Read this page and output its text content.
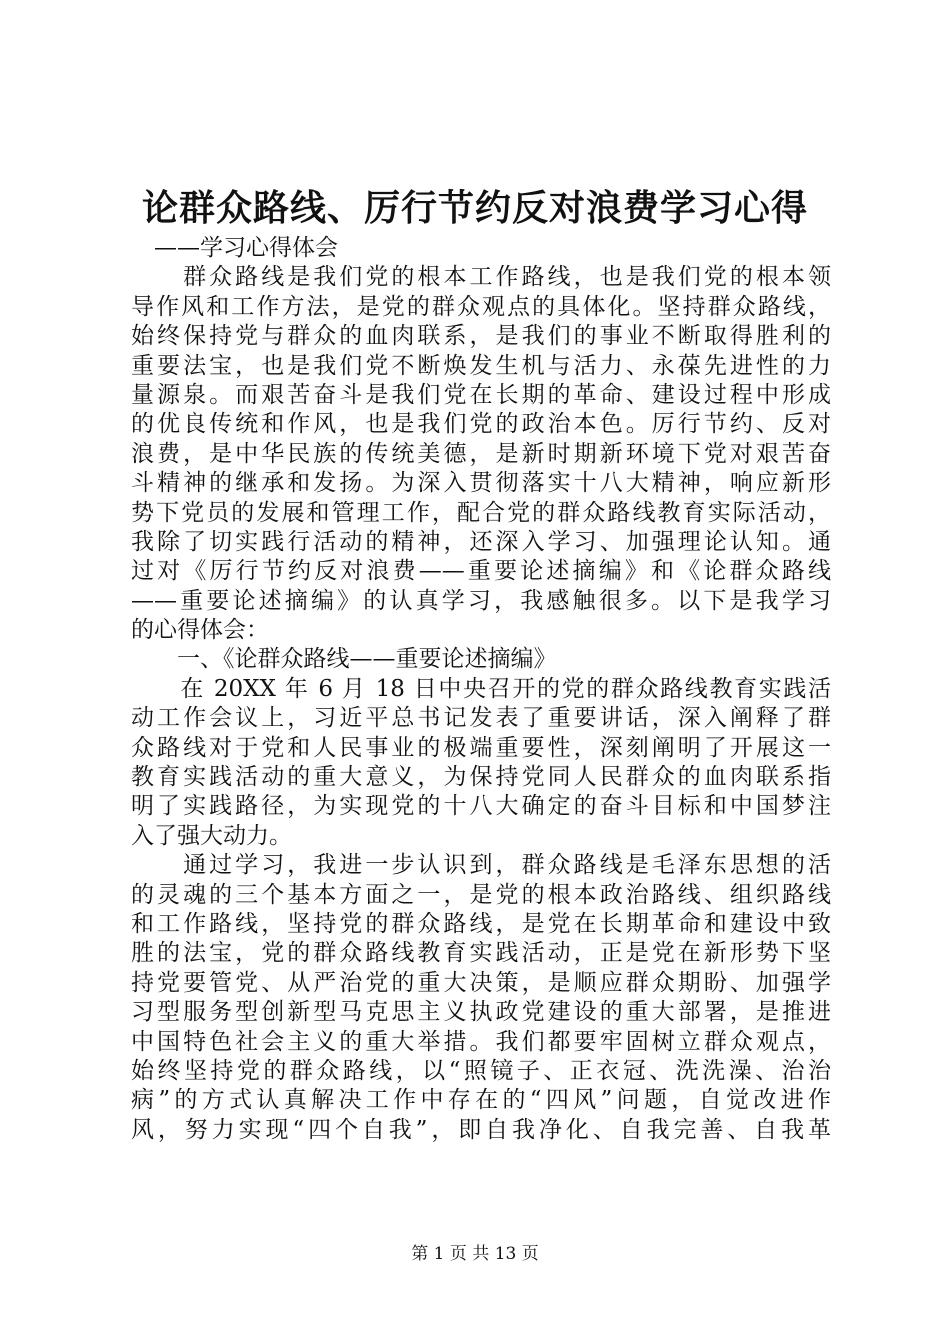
论群众路线、厉行节约反对浪费学习心得
　——学习心得体会
　　群众路线是我们党的根本工作路线，也是我们党的根本领
导作风和工作方法，是党的群众观点的具体化。坚持群众路线，
始终保持党与群众的血肉联系，是我们的事业不断取得胜利的
重要法宝，也是我们党不断焕发生机与活力、永葆先进性的力
量源泉。而艰苦奋斗是我们党在长期的革命、建设过程中形成
的优良传统和作风，也是我们党的政治本色。厉行节约、反对
浪费，是中华民族的传统美德，是新时期新环境下党对艰苦奋
斗精神的继承和发扬。为深入贯彻落实十八大精神，响应新形
势下党员的发展和管理工作，配合党的群众路线教育实际活动，
我除了切实践行活动的精神，还深入学习、加强理论认知。通
过对《厉行节约反对浪费——重要论述摘编》和《论群众路线
——重要论述摘编》的认真学习，我感触很多。以下是我学习
的心得体会：
　　一、《论群众路线——重要论述摘编》
　　在 20XX 年 6 月 18 日中央召开的党的群众路线教育实践活
动工作会议上，习近平总书记发表了重要讲话，深入阐释了群
众路线对于党和人民事业的极端重要性，深刻阐明了开展这一
教育实践活动的重大意义，为保持党同人民群众的血肉联系指
明了实践路径，为实现党的十八大确定的奋斗目标和中国梦注
入了强大动力。
　　通过学习，我进一步认识到，群众路线是毛泽东思想的活
的灵魂的三个基本方面之一，是党的根本政治路线、组织路线
和工作路线，坚持党的群众路线，是党在长期革命和建设中致
胜的法宝，党的群众路线教育实践活动，正是党在新形势下坚
持党要管党、从严治党的重大决策，是顺应群众期盼、加强学
习型服务型创新型马克思主义执政党建设的重大部署，是推进
中国特色社会主义的重大举措。我们都要牢固树立群众观点，
始终坚持党的群众路线，以“照镜子、正衣冠、洗洗澡、治治
病”的方式认真解决工作中存在的“四风”问题，自觉改进作
风，努力实现“四个自我”，即自我净化、自我完善、自我革
第 1 页 共 13 页
